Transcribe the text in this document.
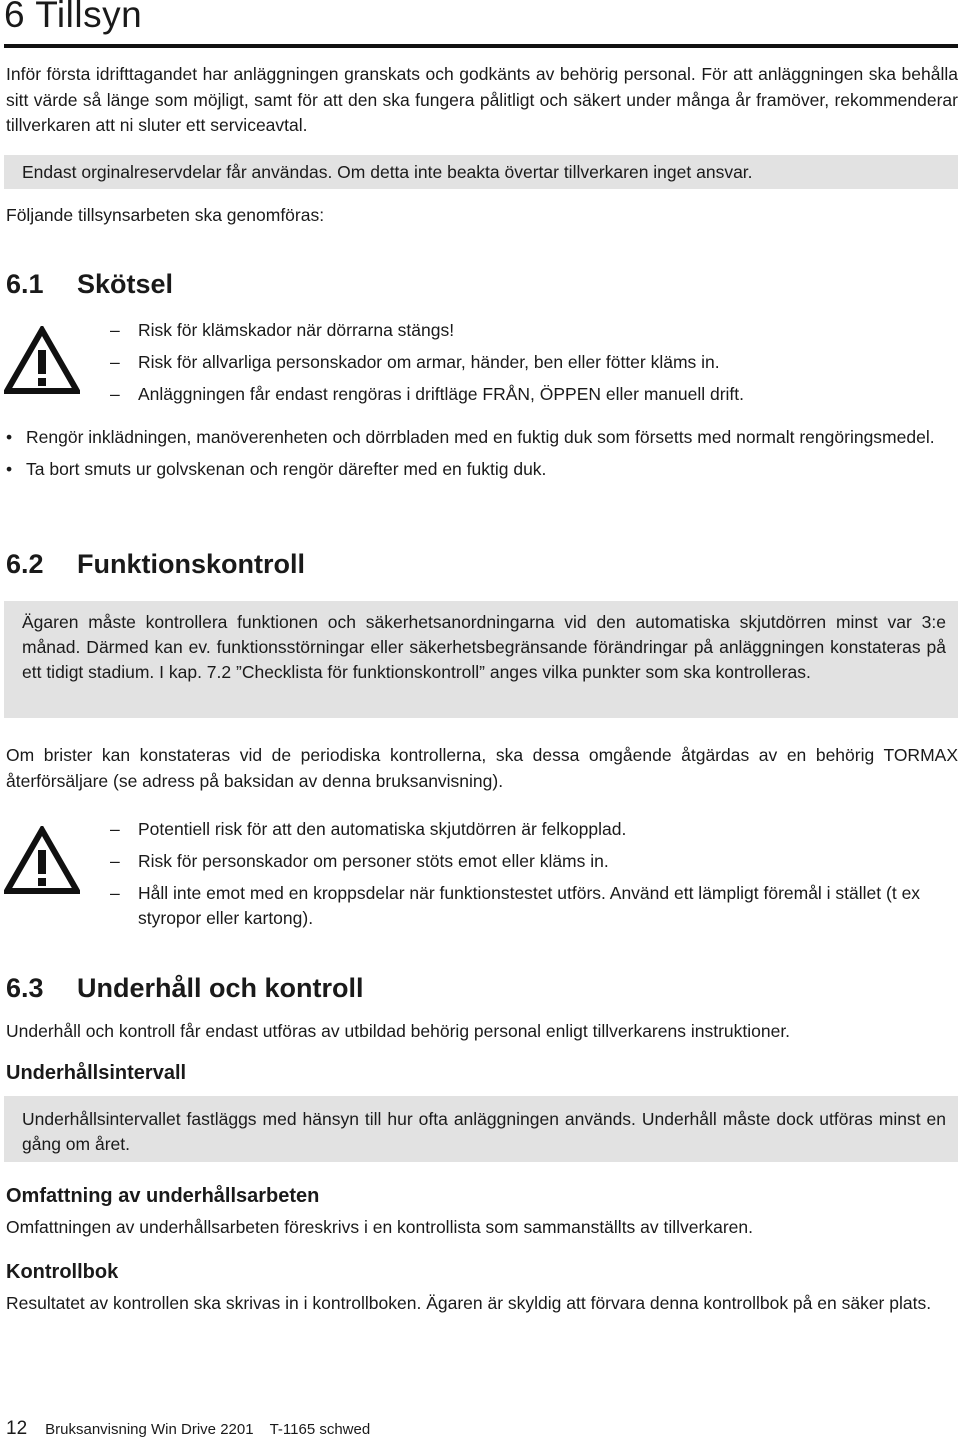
6 Tillsyn

Inför första idrifttagandet har anläggningen granskats och godkänts av behörig personal. För att anläggningen ska behålla sitt värde så länge som möjligt, samt för att den ska fungera pålitligt och säkert under många år framöver, rekommenderar tillverkaren att ni sluter ett serviceavtal.

Endast orginalreservdelar får användas. Om detta inte beakta övertar tillverkaren inget ansvar.

Följande tillsynsarbeten ska genomföras:

6.1 Skötsel
– Risk för klämskador när dörrarna stängs!
– Risk för allvarliga personskador om armar, händer, ben eller fötter kläms in.
– Anläggningen får endast rengöras i driftläge FRÅN, ÖPPEN eller manuell drift.
• Rengör inklädningen, manöverenheten och dörrbladen med en fuktig duk som försetts med normalt rengöringsmedel.
• Ta bort smuts ur golvskenan och rengör därefter med en fuktig duk.
6.2 Funktionskontroll

Ägaren måste kontrollera funktionen och säkerhetsanordningarna vid den automatiska skjutdörren minst var 3:e månad. Därmed kan ev. funktionsstörningar eller säkerhetsbegränsande förändringar på anläggningen konstateras på ett tidigt stadium. I kap. 7.2 ”Checklista för funktionskontroll” anges vilka punkter som ska kontrolleras.

Om brister kan konstateras vid de periodiska kontrollerna, ska dessa omgående åtgärdas av en behörig TORMAX återförsäljare (se adress på baksidan av denna bruksanvisning).

– Potentiell risk för att den automatiska skjutdörren är felkopplad.
– Risk för personskador om personer stöts emot eller kläms in.
– Håll inte emot med en kroppsdelar när funktionstestet utförs. Använd ett lämpligt föremål i stället (t ex styropor eller kartong).
6.3 Underhåll och kontroll

Underhåll och kontroll får endast utföras av utbildad behörig personal enligt tillverkarens instruktioner.

Underhållsintervall

Underhållsintervallet fastläggs med hänsyn till hur ofta anläggningen används. Underhåll måste dock utföras minst en gång om året.

Omfattning av underhållsarbeten

Omfattningen av underhållsarbeten föreskrivs i en kontrollista som sammanställts av tillverkaren.

Kontrollbok

Resultatet av kontrollen ska skrivas in i kontrollboken. Ägaren är skyldig att förvara denna kontrollbok på en säker plats.

12 Bruksanvisning Win Drive 2201 T-1165 schwed
